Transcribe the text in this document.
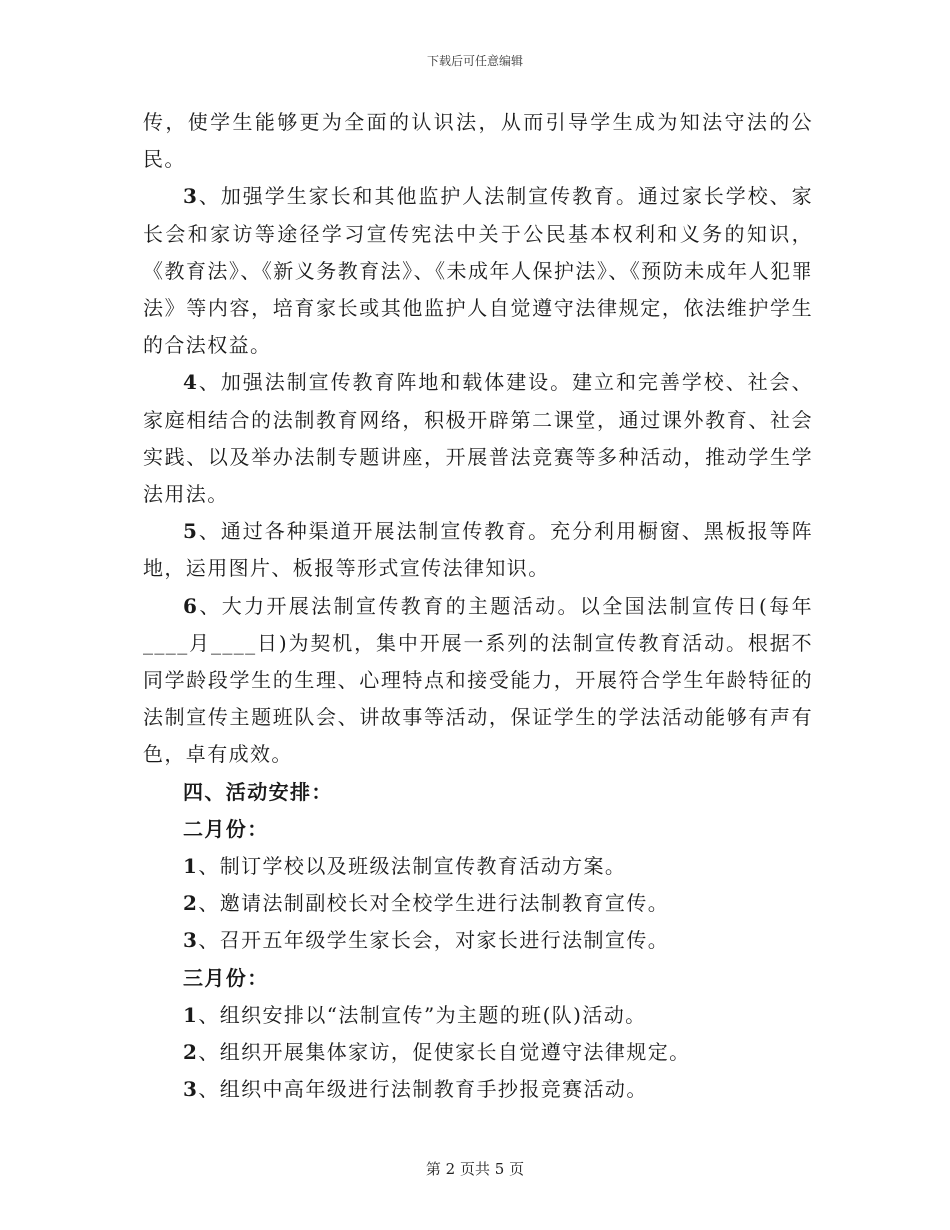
下载后可任意编辑

传，使学生能够更为全面的认识法，从而引导学生成为知法守法的公民。

3、加强学生家长和其他监护人法制宣传教育。通过家长学校、家长会和家访等途径学习宣传宪法中关于公民基本权利和义务的知识，《教育法》、《新义务教育法》、《未成年人保护法》、《预防未成年人犯罪法》等内容，培育家长或其他监护人自觉遵守法律规定，依法维护学生的合法权益。

4、加强法制宣传教育阵地和载体建设。建立和完善学校、社会、家庭相结合的法制教育网络，积极开辟第二课堂，通过课外教育、社会实践、以及举办法制专题讲座，开展普法竞赛等多种活动，推动学生学法用法。

5、通过各种渠道开展法制宣传教育。充分利用橱窗、黑板报等阵地，运用图片、板报等形式宣传法律知识。

6、大力开展法制宣传教育的主题活动。以全国法制宣传日(每年____月____日)为契机，集中开展一系列的法制宣传教育活动。根据不同学龄段学生的生理、心理特点和接受能力，开展符合学生年龄特征的法制宣传主题班队会、讲故事等活动，保证学生的学法活动能够有声有色，卓有成效。

四、活动安排：

二月份：

1、制订学校以及班级法制宣传教育活动方案。

2、邀请法制副校长对全校学生进行法制教育宣传。

3、召开五年级学生家长会，对家长进行法制宣传。

三月份：

1、组织安排以“法制宣传”为主题的班(队)活动。

2、组织开展集体家访，促使家长自觉遵守法律规定。

3、组织中高年级进行法制教育手抄报竞赛活动。

第 2 页共 5 页
